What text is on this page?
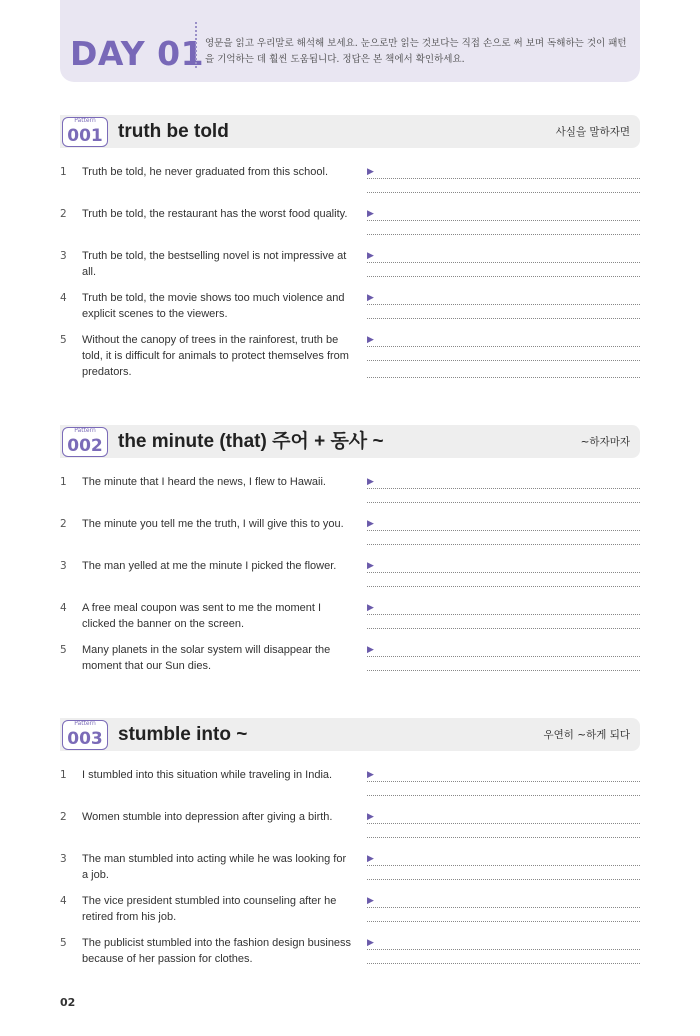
DAY 01 영문을 읽고 우리말로 해석해 보세요. 눈으로만 읽는 것보다는 직접 손으로 써 보며 독해하는 것이 패턴을 기억하는 데 훨씬 도움됩니다. 정답은 본 책에서 확인하세요.
Pattern
001 truth be told	사실을 말하자면
1 Truth be told, he never graduated from this school.	▶
2 Truth be told, the restaurant has the worst food quality.	▶
3 Truth be told, the bestselling novel is not impressive at all.
▶
4 Truth be told, the movie shows too much violence and explicit scenes to the viewers.
▶
5 Without the canopy of trees in the rainforest, truth be told, it is difficult for animals to protect themselves from predators.
▶
Pattern
002 the minute (that) 주어 + 동사 ~	~하자마자
1 The minute that I heard the news, I flew to Hawaii.	▶
2 The minute you tell me the truth, I will give this to you.	▶
3 The man yelled at me the minute I picked the flower.	▶
4 A free meal coupon was sent to me the moment I clicked the banner on the screen.
▶
5 Many planets in the solar system will disappear the moment that our Sun dies.
▶
Pattern
003 stumble into ~	우연히 ~하게 되다
1 I stumbled into this situation while traveling in India.	▶
2 Women stumble into depression after giving a birth.	▶
3 The man stumbled into acting while he was looking for a job.
▶
4 The vice president stumbled into counseling after he retired from his job.
▶
5 The publicist stumbled into the fashion design business because of her passion for clothes.
▶
02
